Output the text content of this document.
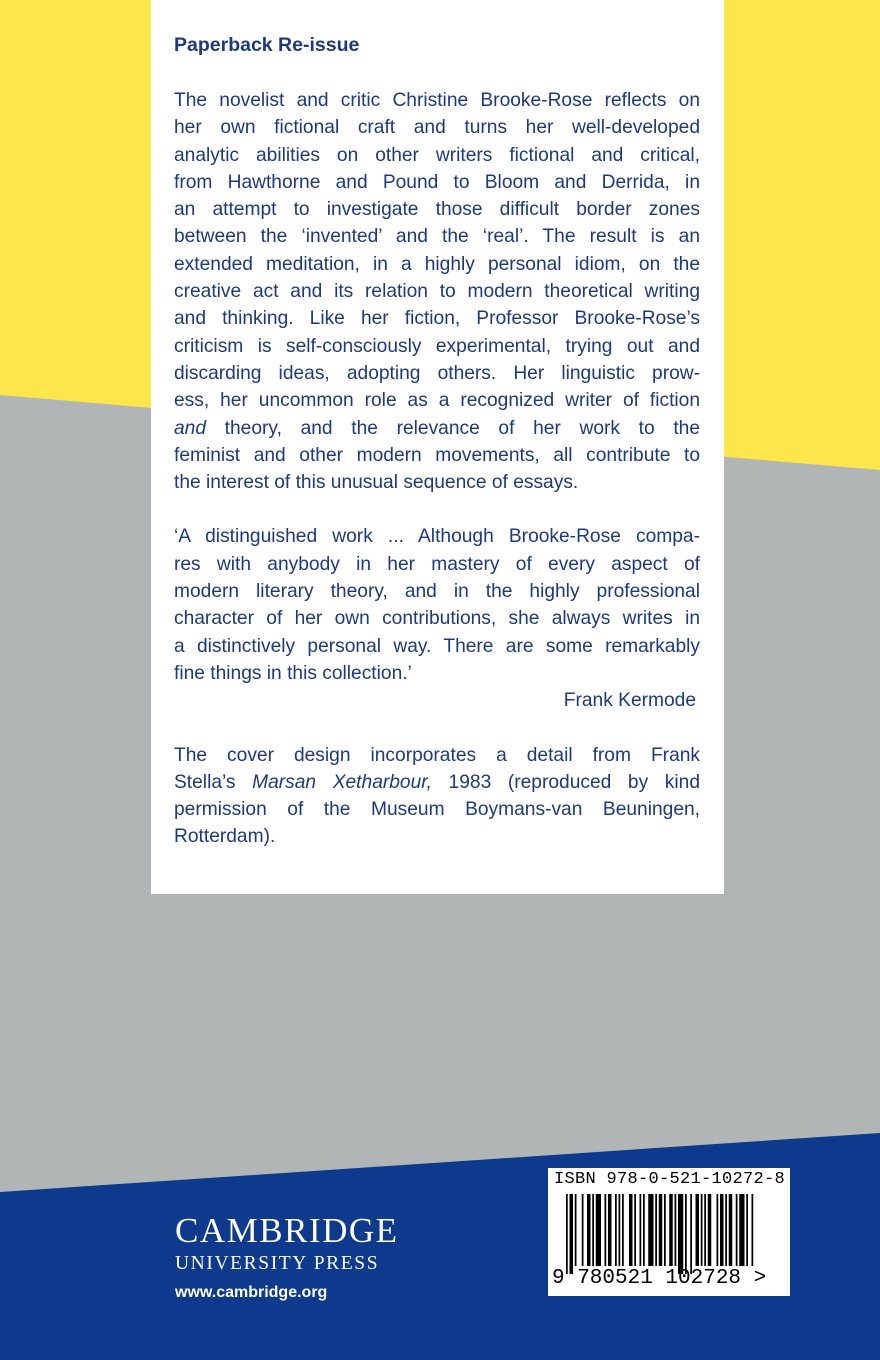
Paperback Re-issue
The novelist and critic Christine Brooke-Rose reflects on
her own fictional craft and turns her well-developed
analytic abilities on other writers fictional and critical,
from Hawthorne and Pound to Bloom and Derrida, in
an attempt to investigate those difficult border zones
between the ‘invented’ and the ‘real’. The result is an
extended meditation, in a highly personal idiom, on the
creative act and its relation to modern theoretical writing
and thinking. Like her fiction, Professor Brooke-Rose’s
criticism is self-consciously experimental, trying out and
discarding ideas, adopting others. Her linguistic prow-
ess, her uncommon role as a recognized writer of fiction
and theory, and the relevance of her work to the
feminist and other modern movements, all contribute to
the interest of this unusual sequence of essays.
‘A distinguished work ... Although Brooke-Rose compa-
res with anybody in her mastery of every aspect of
modern literary theory, and in the highly professional
character of her own contributions, she always writes in
a distinctively personal way. There are some remarkably
fine things in this collection.’
Frank Kermode
The cover design incorporates a detail from Frank
Stella’s Marsan Xetharbour, 1983 (reproduced by kind
permission of the Museum Boymans-van Beuningen,
Rotterdam).
CAMBRIDGE
UNIVERSITY PRESS
www.cambridge.org
ISBN 978-0-521-10272-8
9 780521 102728 >
